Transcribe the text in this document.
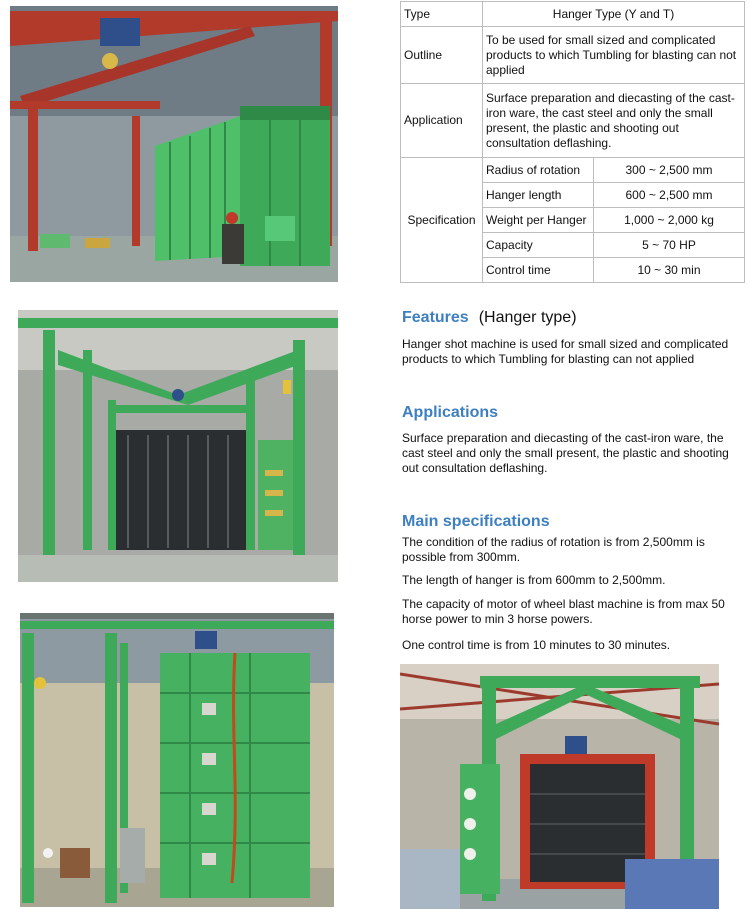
Type	Hanger Type (Y and T)	
Outline	To be used for small sized and complicated products to which Tumbling for blasting can not applied	
Application	Surface preparation and diecasting of the cast-iron ware, the cast steel and only the small present, the plastic and shooting out consultation deflashing.	
Specification	Radius of rotation	300 ~ 2,500 mm
	Hanger length	600 ~ 2,500 mm
	Weight per Hanger	1,000 ~ 2,000 kg
	Capacity	5 ~ 70 HP
	Control time	10 ~ 30 min
Features (Hanger type)

Hanger shot machine is used for small sized and complicated products to which Tumbling for blasting can not applied

Applications

Surface preparation and diecasting of the cast-iron ware, the cast steel and only the small present, the plastic and shooting out consultation deflashing.

Main specifications

The condition of the radius of rotation is from 2,500mm is possible from 300mm.

The length of hanger is from 600mm to 2,500mm.

The capacity of motor of wheel blast machine is from max 50 horse power to min 3 horse powers.

One control time is from 10 minutes to 30 minutes.
